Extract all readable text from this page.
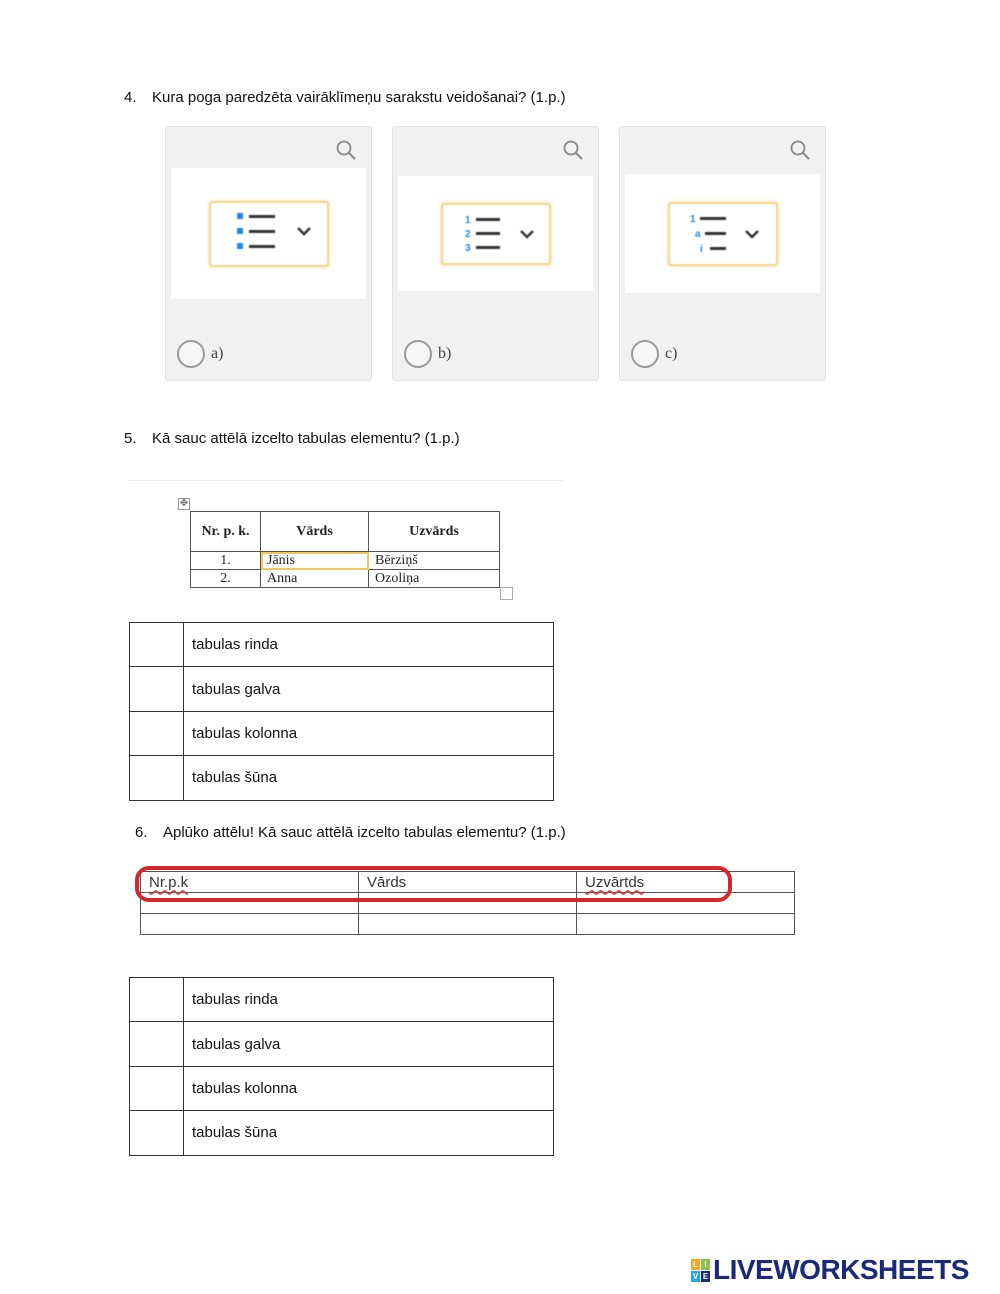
4. Kura poga paredzēta vairāklīmeņu sarakstu veidošanai? (1.p.)
a)
1
2
3
b)
1
a
i
c)
5. Kā sauc attēlā izcelto tabulas elementu? (1.p.)
✥
Nr. p. k.	Vārds	Uzvārds
1.	Jānis	Bērziņš
2.	Anna	Ozoliņa
	tabulas rinda
	tabulas galva
	tabulas kolonna
	tabulas šūna
6. Aplūko attēlu! Kā sauc attēlā izcelto tabulas elementu? (1.p.)
Nr.p.k	Vārds	Uzvārtds

	tabulas rinda
	tabulas galva
	tabulas kolonna
	tabulas šūna
L I
V E LIVEWORKSHEETS
